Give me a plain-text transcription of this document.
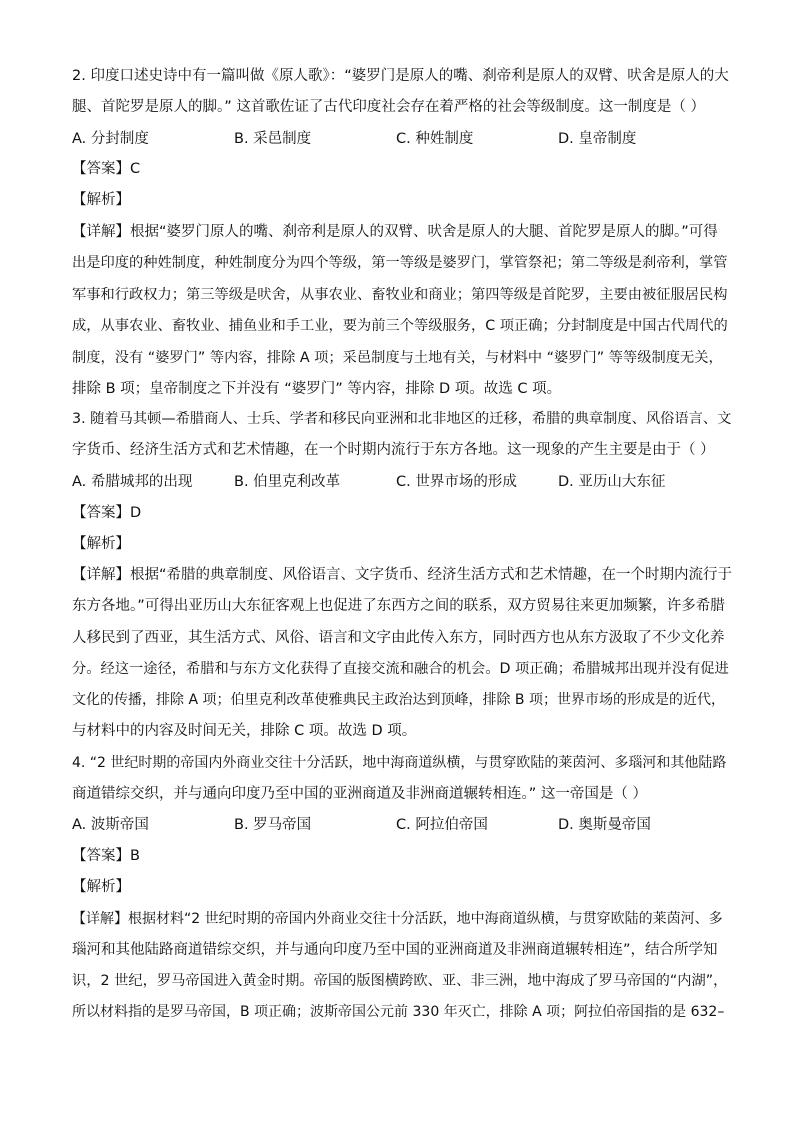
2. 印度口述史诗中有一篇叫做《原人歌》：“婆罗门是原人的嘴、刹帝利是原人的双臂、吠舍是原人的大
腿、首陀罗是原人的脚。” 这首歌佐证了古代印度社会存在着严格的社会等级制度。这一制度是（ ）
A. 分封制度	B. 采邑制度	C. 种姓制度	D. 皇帝制度
【答案】C
【解析】
【详解】根据“婆罗门原人的嘴、刹帝利是原人的双臂、吠舍是原人的大腿、首陀罗是原人的脚。”可得
出是印度的种姓制度，种姓制度分为四个等级，第一等级是婆罗门，掌管祭祀；第二等级是刹帝利，掌管
军事和行政权力；第三等级是吠舍，从事农业、畜牧业和商业；第四等级是首陀罗，主要由被征服居民构
成，从事农业、畜牧业、捕鱼业和手工业，要为前三个等级服务，C 项正确；分封制度是中国古代周代的
制度，没有 “婆罗门” 等内容，排除 A 项；采邑制度与土地有关，与材料中 “婆罗门” 等等级制度无关，
排除 B 项；皇帝制度之下并没有 “婆罗门” 等内容，排除 D 项。故选 C 项。
3. 随着马其顿—希腊商人、士兵、学者和移民向亚洲和北非地区的迁移，希腊的典章制度、风俗语言、文
字货币、经济生活方式和艺术情趣，在一个时期内流行于东方各地。这一现象的产生主要是由于（ ）
A. 希腊城邦的出现	B. 伯里克利改革	C. 世界市场的形成	D. 亚历山大东征
【答案】D
【解析】
【详解】根据“希腊的典章制度、风俗语言、文字货币、经济生活方式和艺术情趣，在一个时期内流行于
东方各地。”可得出亚历山大东征客观上也促进了东西方之间的联系，双方贸易往来更加频繁，许多希腊
人移民到了西亚，其生活方式、风俗、语言和文字由此传入东方，同时西方也从东方汲取了不少文化养
分。经这一途径，希腊和与东方文化获得了直接交流和融合的机会。D 项正确；希腊城邦出现并没有促进
文化的传播，排除 A 项；伯里克利改革使雅典民主政治达到顶峰，排除 B 项；世界市场的形成是的近代，
与材料中的内容及时间无关，排除 C 项。故选 D 项。
4. “2 世纪时期的帝国内外商业交往十分活跃，地中海商道纵横，与贯穿欧陆的莱茵河、多瑙河和其他陆路
商道错综交织，并与通向印度乃至中国的亚洲商道及非洲商道辗转相连。” 这一帝国是（ ）
A. 波斯帝国	B. 罗马帝国	C. 阿拉伯帝国	D. 奥斯曼帝国
【答案】B
【解析】
【详解】根据材料“2 世纪时期的帝国内外商业交往十分活跃，地中海商道纵横，与贯穿欧陆的莱茵河、多
瑙河和其他陆路商道错综交织，并与通向印度乃至中国的亚洲商道及非洲商道辗转相连”，结合所学知
识，2 世纪，罗马帝国进入黄金时期。帝国的版图横跨欧、亚、非三洲，地中海成了罗马帝国的“内湖”，
所以材料指的是罗马帝国，B 项正确；波斯帝国公元前 330 年灭亡，排除 A 项；阿拉伯帝国指的是 632–
